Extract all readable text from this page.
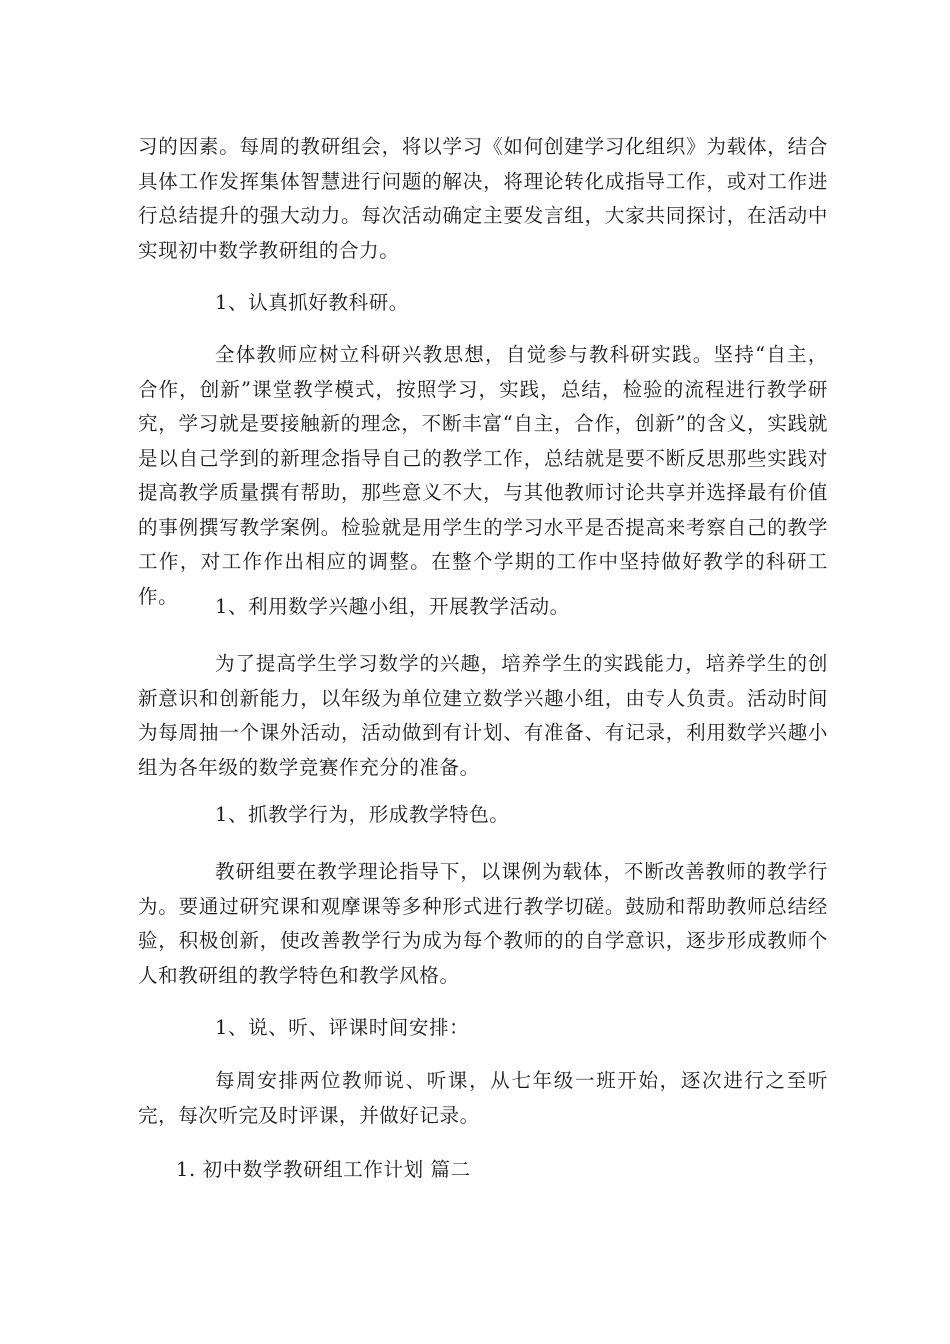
习的因素。每周的教研组会，将以学习《如何创建学习化组织》为载体，结合具体工作发挥集体智慧进行问题的解决，将理论转化成指导工作，或对工作进行总结提升的强大动力。每次活动确定主要发言组，大家共同探讨，在活动中实现初中数学教研组的合力。

1、认真抓好教科研。

全体教师应树立科研兴教思想，自觉参与教科研实践。坚持“自主，合作，创新”课堂教学模式，按照学习，实践，总结，检验的流程进行教学研究，学习就是要接触新的理念，不断丰富“自主，合作，创新”的含义，实践就是以自己学到的新理念指导自己的教学工作，总结就是要不断反思那些实践对提高教学质量撰有帮助，那些意义不大，与其他教师讨论共享并选择最有价值的事例撰写教学案例。检验就是用学生的学习水平是否提高来考察自己的教学工作，对工作作出相应的调整。在整个学期的工作中坚持做好教学的科研工作。	1、利用数学兴趣小组，开展教学活动。

为了提高学生学习数学的兴趣，培养学生的实践能力，培养学生的创新意识和创新能力，以年级为单位建立数学兴趣小组，由专人负责。活动时间为每周抽一个课外活动，活动做到有计划、有准备、有记录，利用数学兴趣小组为各年级的数学竞赛作充分的准备。

1、抓教学行为，形成教学特色。

教研组要在教学理论指导下，以课例为载体，不断改善教师的教学行为。要通过研究课和观摩课等多种形式进行教学切磋。鼓励和帮助教师总结经验，积极创新，使改善教学行为成为每个教师的的自学意识，逐步形成教师个人和教研组的教学特色和教学风格。

1、说、听、评课时间安排：

每周安排两位教师说、听课，从七年级一班开始，逐次进行之至听完，每次听完及时评课，并做好记录。

1. 初中数学教研组工作计划 篇二
